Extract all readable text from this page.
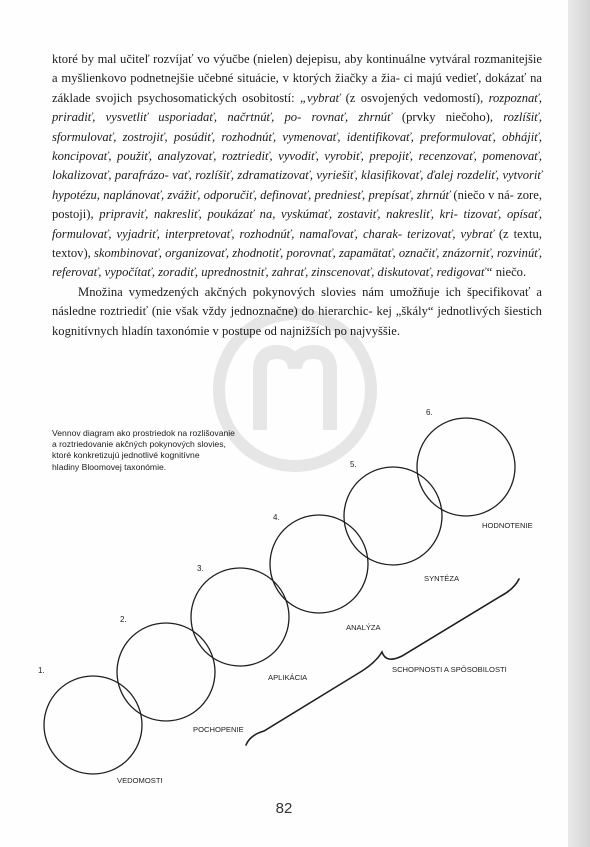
ktoré by mal učiteľ rozvíjať vo výučbe (nielen) dejepisu, aby kontinuálne vytváral rozmanitejšie a myšlienkovo podnetnejšie učebné situácie, v ktorých žiačky a žia- ci majú vedieť, dokázať na základe svojich psychosomatických osobitostí: „vybrať (z osvojených vedomostí), rozpoznať, priradiť, vysvetliť usporiadať, načrtnúť, po- rovnať, zhrnúť (prvky niečoho), rozlíšiť, sformulovať, zostrojiť, posúdiť, rozhodnúť, vymenovať, identifikovať, preformulovať, obhájiť, koncipovať, použiť, analyzovať, roztriediť, vyvodiť, vyrobiť, prepojiť, recenzovať, pomenovať, lokalizovať, parafrázo- vať, rozlíšiť, zdramatizovať, vyriešiť, klasifikovať, ďalej rozdeliť, vytvoriť hypotézu, naplánovať, zvážiť, odporučiť, definovať, predniesť, prepísať, zhrnúť (niečo v ná- zore, postoji), pripraviť, nakresliť, poukázať na, vyskúmať, zostaviť, nakresliť, kri- tizovať, opísať, formulovať, vyjadriť, interpretovať, rozhodnúť, namaľovať, charak- terizovať, vybrať (z textu, textov), skombinovať, organizovať, zhodnotiť, porovnať, zapamätať, označiť, znázorniť, rozvinúť, referovať, vypočítať, zoradiť, uprednostniť, zahrať, zinscenovať, diskutovať, redigovať“ niečo.

Množina vymedzených akčných pokynových slovies nám umožňuje ich špecifikovať a následne roztriediť (nie však vždy jednoznačne) do hierarchic- kej „škály“ jednotlivých šiestich kognitívnych hladín taxonómie v postupe od najnižších po najvyššie.

Vennov diagram ako prostriedok na rozlišovanie
a roztriedovanie akčných pokynových slovies,
ktoré konkretizujú jednotlivé kognitívne
hladiny Bloomovej taxonómie.
1.
VEDOMOSTI
2.
POCHOPENIE
3.
APLIKÁCIA
4.
ANALÝZA
5.
SYNTÉZA
6.
HODNOTENIE
SCHOPNOSTI A SPÔSOBILOSTI
82
